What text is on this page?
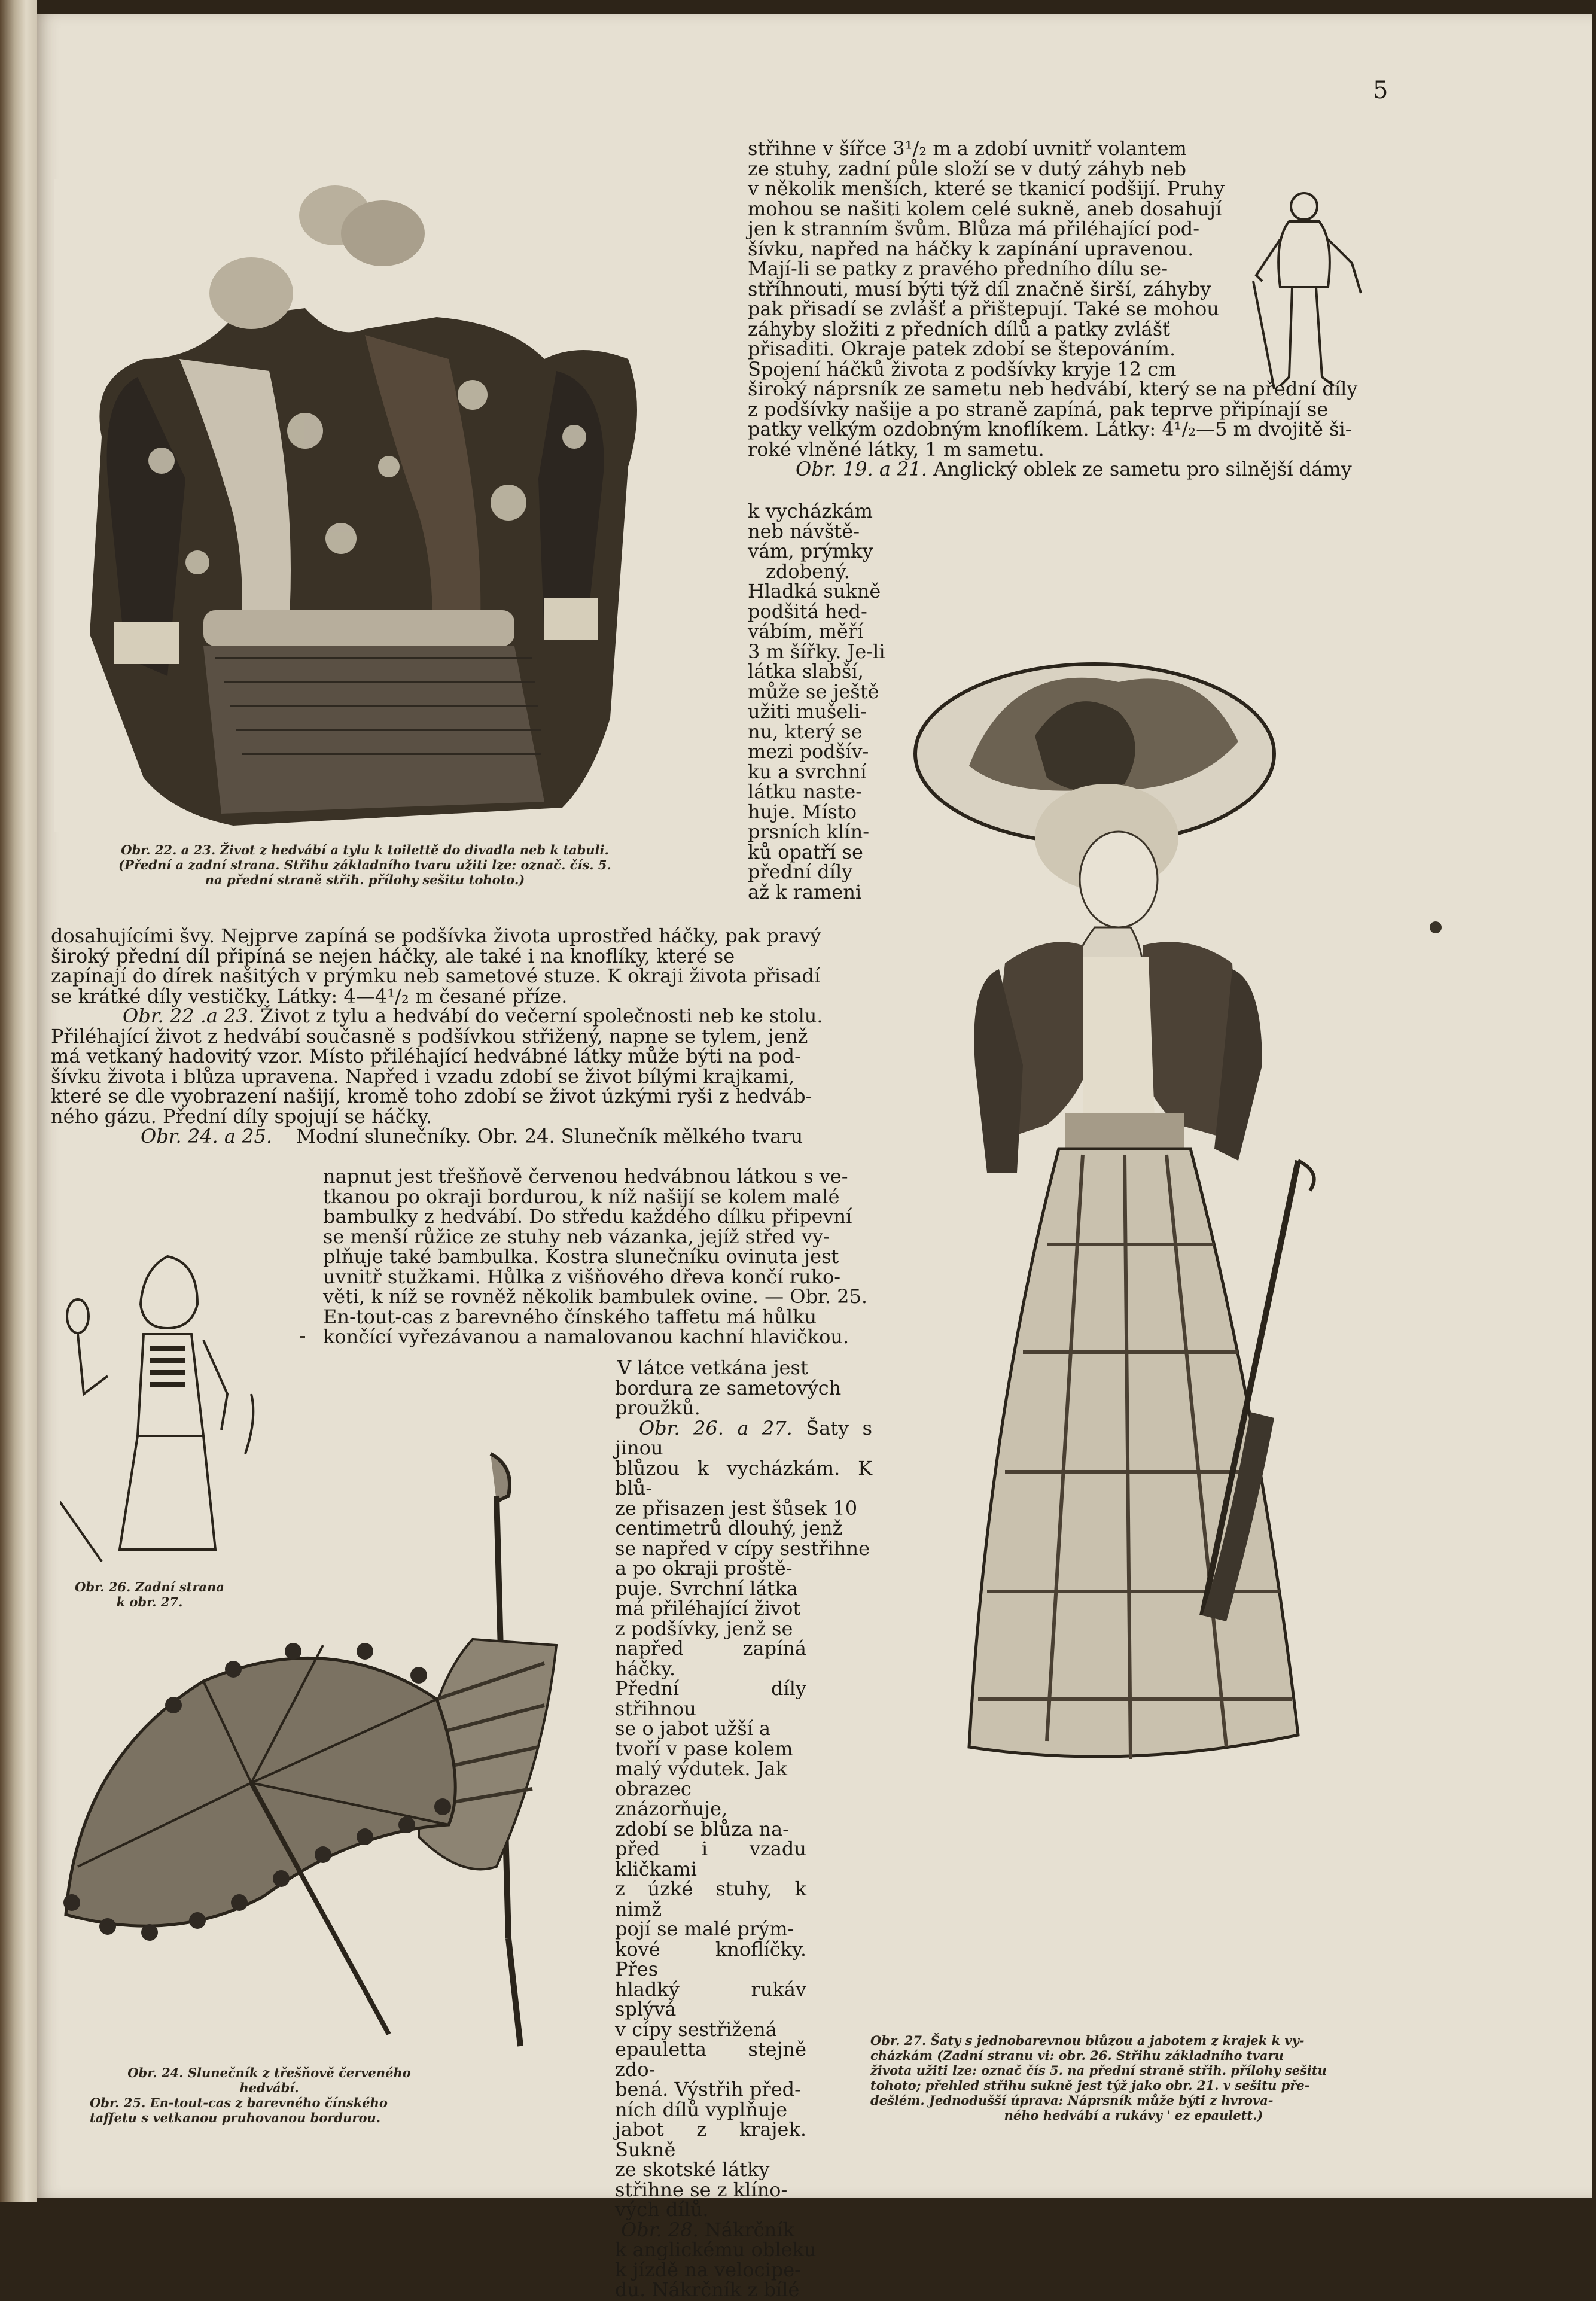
5
Obr. 22. a 23. Život z hedvábí a tylu k toilettě do divadla neb k tabuli.
(Přední a zadní strana. Střihu základního tvaru užiti lze: označ. čís. 5.
na přední straně střih. přílohy sešitu tohoto.)

střihne v šířce 3¹/₂ m a zdobí uvnitř volantem

ze stuhy, zadní půle složí se v dutý záhyb neb

v několik menších, které se tkanicí podšijí. Pruhy

mohou se našiti kolem celé sukně, aneb dosahují

jen k stranním švům. Blůza má přiléhající pod-

šívku, napřed na háčky k zapínání upravenou.

Mají-li se patky z pravého předního dílu se-

stříhnouti, musí býti týž díl značně širší, záhyby

pak přisadí se zvlášť a přištepují. Také se mohou

záhyby složiti z předních dílů a patky zvlášť

přisaditi. Okraje patek zdobí se štepováním.

Spojení háčků života z podšívky kryje 12 cm

široký náprsník ze sametu neb hedvábí, který se na přední díly

z podšívky našije a po straně zapíná, pak teprve připínají se

patky velkým ozdobným knoflíkem. Látky: 4¹/₂—5 m dvojitě ši-

roké vlněné látky, 1 m sametu.

Obr. 19. a 21. Anglický oblek ze sametu pro silnější dámy

k vycházkám

neb návště-

vám, prýmky

zdobený.

Hladká sukně

podšitá hed-

vábím, měří

3 m šířky. Je-li

látka slabší,

může se ještě

užiti mušeli-

nu, který se

mezi podšív-

ku a svrchní

látku naste-

huje. Místo

prsních klín-

ků opatří se

přední díly

až k rameni

dosahujícími švy. Nejprve zapíná se podšívka života uprostřed háčky, pak pravý

široký přední díl připíná se nejen háčky, ale také i na knoflíky, které se

zapínají do dírek našitých v prýmku neb sametové stuze. K okraji života přisadí

se krátké díly vestičky. Látky: 4—4¹/₂ m česané příze.

Obr. 22 .a 23. Život z tylu a hedvábí do večerní společnosti neb ke stolu.

Přiléhající život z hedvábí současně s podšívkou střižený, napne se tylem, jenž

má vetkaný hadovitý vzor. Místo přiléhající hedvábné látky může býti na pod-

šívku života i blůza upravena. Napřed i vzadu zdobí se život bílými krajkami,

které se dle vyobrazení našijí, kromě toho zdobí se život úzkými ryši z hedváb-

ného gázu. Přední díly spojují se háčky.

Obr. 24. a 25. Modní slunečníky. Obr. 24. Slunečník mělkého tvaru

napnut jest třešňově červenou hedvábnou látkou s ve-

tkanou po okraji bordurou, k níž našijí se kolem malé

bambulky z hedvábí. Do středu každého dílku připevní

se menší růžice ze stuhy neb vázanka, jejíž střed vy-

plňuje také bambulka. Kostra slunečníku ovinuta jest

uvnitř stužkami. Hůlka z višňového dřeva končí ruko-

věti, k níž se rovněž několik bambulek ovine. — Obr. 25.

En-tout-cas z barevného čínského taffetu má hůlku

končící vyřezávanou a namalovanou kachní hlavičkou.

V látce vetkána jest

bordura ze sametových

proužků.

Obr. 26. a 27. Šaty s jinou

blůzou k vycházkám. K blů-

ze přisazen jest šůsek 10

centimetrů dlouhý, jenž

se napřed v cípy sestřihne

a po okraji proště-

puje. Svrchní látka

má přiléhající život

z podšívky, jenž se

napřed zapíná háčky.

Přední díly střihnou

se o jabot užší a

tvoří v pase kolem

malý výdutek. Jak

obrazec znázorňuje,

zdobí se blůza na-

před i vzadu kličkami

z úzké stuhy, k nimž

pojí se malé prým-

kové knoflíčky. Přes

hladký rukáv splývá

v cípy sestřižená

epauletta stejně zdo-

bená. Výstřih před-

ních dílů vyplňuje

jabot z krajek. Sukně

ze skotské látky

střihne se z klíno-

vých dílů.

Obr. 28. Nákrčník

k anglickému obleku

k jízdě na velocipe-

du. Nákrčník z bílé

Obr. 26. Zadní strana
k obr. 27.
Obr. 24. Slunečník z třešňově červeného
hedvábí.
Obr. 25. En-tout-cas z barevného čínského
taffetu s vetkanou pruhovanou bordurou.
Obr. 27. Šaty s jednobarevnou blůzou a jabotem z krajek k vy-
cházkám (Zadní stranu vi: obr. 26. Střihu základního tvaru
života užiti lze: označ čís 5. na přední straně střih. přílohy sešitu
tohoto; přehled střihu sukně jest týž jako obr. 21. v sešitu pře-
dešlém. Jednodušší úprava: Náprsník může býti z hvrova-
ného hedvábí a rukávy ' ez epaulett.)
